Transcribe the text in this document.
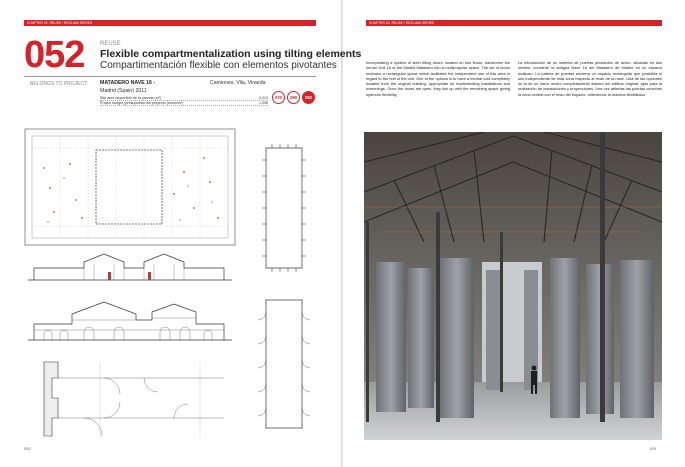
CHAPTER 02: REUSE / RECLAIM SERIES
052	REUSE
Flexible compartmentalization using tilting elements
Compartimentación flexible con elementos pivotantes
BELONGS TO PROJECT: MATADERO NAVE 16 -	Camiones, Vila, Viraeda
Madrid (Spain) 2011
Site area (superficie de la parcela (m²)	3,313
Project budget (presupuesto del proyecto (euros/m²)	1,006
270	280	052
050
CHAPTER 02: REUSE / RECLAIM SERIES
Incorporating a system of steel tilting doors, located on two floors, transforms the former Unit 16 of the Madrid Matadero into a multipurpose space. The set of doors encloses a rectangular space which facilitates the independent use of this area in regard to the rest of the unit. One of the options is to have a neutral void completely isolated from the original building, appropriate for implementing installations and screenings. Once the doors are open, they link up with the remaining space giving optimum flexibility.
La introducción de un sistema de puertas pivotantes de acero, situadas en dos niveles, convierte la antigua Nave 16 del Matadero de Madrid en un espacio multiuso. La batería de puertas encierra un espacio rectangular que posibilita el uso independiente de esta zona respecto al resto de la nave. Una de las opciones es la de un vacío neutro completamente aislado del edificio original, apto para la realización de instalaciones y proyecciones. Una vez abiertas las puertas conectan la zona central con el resto del espacio, obteniendo la máxima flexibilidad.
051
